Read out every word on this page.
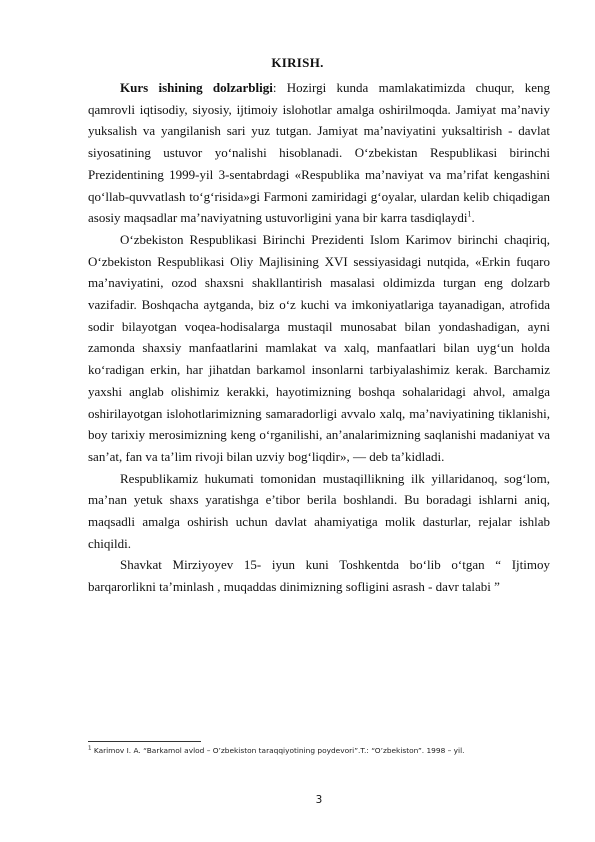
KIRISH.

Kurs ishining dolzarbligi: Hozirgi kunda mamlakatimizda chuqur, keng qamrovli iqtisodiy, siyosiy, ijtimoiy islohotlar amalga oshirilmoqda. Jamiyat ma’naviy yuksalish va yangilanish sari yuz tutgan. Jamiyat ma’naviyatini yuksaltirish - davlat siyosatining ustuvor yo‘nalishi hisoblanadi. O‘zbekistan Respublikasi birinchi Prezidentining 1999-yil 3-sentabrdagi «Respublika ma’naviyat va ma’rifat kengashini qo‘llab-quvvatlash to‘g‘risida»gi Farmoni zamiridagi g‘oyalar, ulardan kelib chiqadigan asosiy maqsadlar ma’naviyatning ustuvorligini yana bir karra tasdiqlaydi$^1$.

O‘zbekiston Respublikasi Birinchi Prezidenti Islom Karimov birinchi chaqiriq, O‘zbekiston Respublikasi Oliy Majlisining XVI sessiyasidagi nutqida, «Erkin fuqaro ma’naviyatini, ozod shaxsni shakllantirish masalasi oldimizda turgan eng dolzarb vazifadir. Boshqacha aytganda, biz o‘z kuchi va imkoniyatlariga tayanadigan, atrofida sodir bilayotgan voqea-hodisalarga mustaqil munosabat bilan yondashadigan, ayni zamonda shaxsiy manfaatlarini mamlakat va xalq, manfaatlari bilan uyg‘un holda ko‘radigan erkin, har jihatdan barkamol insonlarni tarbiyalashimiz kerak. Barchamiz yaxshi anglab olishimiz kerakki, hayotimizning boshqa sohalaridagi ahvol, amalga oshirilayotgan islohotlarimizning samaradorligi avvalo xalq, ma’naviyatining tiklanishi, boy tarixiy merosimizning keng o‘rganilishi, an’analarimizning saqlanishi madaniyat va san’at, fan va ta’lim rivoji bilan uzviy bog‘liqdir», — deb ta’kidladi.

Respublikamiz hukumati tomonidan mustaqillikning ilk yillaridanoq, sog‘lom, ma’nan yetuk shaxs yaratishga e’tibor berila boshlandi. Bu boradagi ishlarni aniq, maqsadli amalga oshirish uchun davlat ahamiyatiga molik dasturlar, rejalar ishlab chiqildi.

Shavkat Mirziyoyev 15- iyun kuni Toshkentda bo‘lib o‘tgan “ Ijtimoy barqarorlikni ta’minlash , muqaddas dinimizning sofligini asrash - davr talabi ”

$^1$ Karimov I. A. “Barkamol avlod – O’zbekiston taraqqiyotining poydevori”.T.: “O’zbekiston”. 1998 – yil.
3
